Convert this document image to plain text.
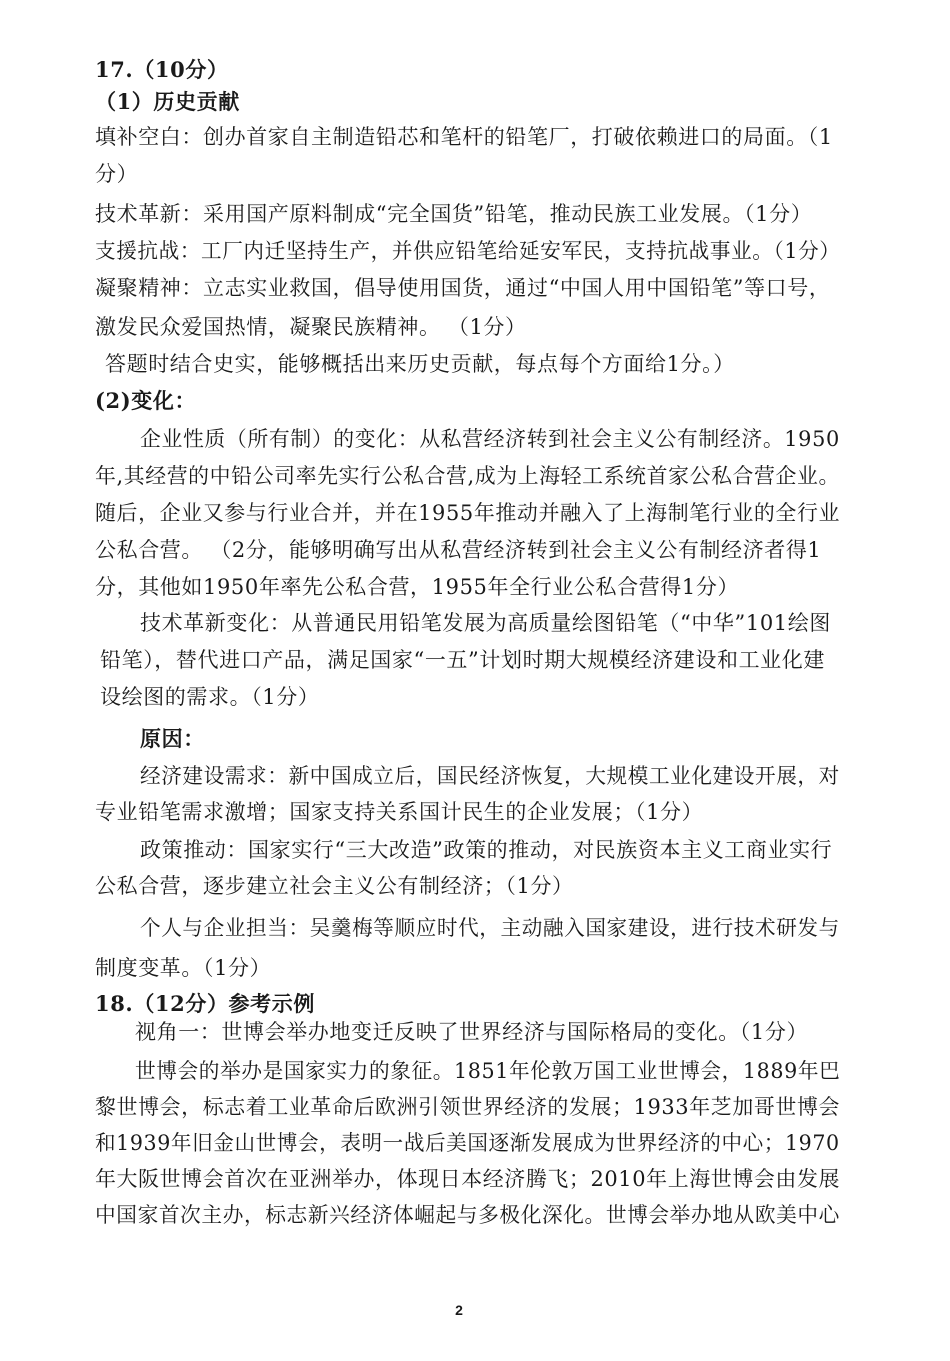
17.（10分）
（1）历史贡献
填补空白：创办首家自主制造铅芯和笔杆的铅笔厂，打破依赖进口的局面。（1
分）
技术革新：采用国产原料制成“完全国货”铅笔，推动民族工业发展。（1分）
支援抗战：工厂内迁坚持生产，并供应铅笔给延安军民，支持抗战事业。（1分）
凝聚精神：立志实业救国，倡导使用国货，通过“中国人用中国铅笔”等口号，
激发民众爱国热情，凝聚民族精神。 （1分）
答题时结合史实，能够概括出来历史贡献，每点每个方面给1分。）
(2)变化：
企业性质（所有制）的变化：从私营经济转到社会主义公有制经济。1950
年,其经营的中铅公司率先实行公私合营,成为上海轻工系统首家公私合营企业。
随后，企业又参与行业合并，并在1955年推动并融入了上海制笔行业的全行业
公私合营。 （2分，能够明确写出从私营经济转到社会主义公有制经济者得1
分，其他如1950年率先公私合营，1955年全行业公私合营得1分）
技术革新变化：从普通民用铅笔发展为高质量绘图铅笔（“中华”101绘图
铅笔），替代进口产品，满足国家“一五”计划时期大规模经济建设和工业化建
设绘图的需求。（1分）
原因：
经济建设需求：新中国成立后，国民经济恢复，大规模工业化建设开展，对
专业铅笔需求激增；国家支持关系国计民生的企业发展；（1分）
政策推动：国家实行“三大改造”政策的推动，对民族资本主义工商业实行
公私合营，逐步建立社会主义公有制经济；（1分）
个人与企业担当：吴羹梅等顺应时代，主动融入国家建设，进行技术研发与
制度变革。（1分）
18.（12分）参考示例
视角一：世博会举办地变迁反映了世界经济与国际格局的变化。（1分）
世博会的举办是国家实力的象征。1851年伦敦万国工业世博会，1889年巴
黎世博会，标志着工业革命后欧洲引领世界经济的发展；1933年芝加哥世博会
和1939年旧金山世博会，表明一战后美国逐渐发展成为世界经济的中心；1970
年大阪世博会首次在亚洲举办，体现日本经济腾飞；2010年上海世博会由发展
中国家首次主办，标志新兴经济体崛起与多极化深化。世博会举办地从欧美中心
2
